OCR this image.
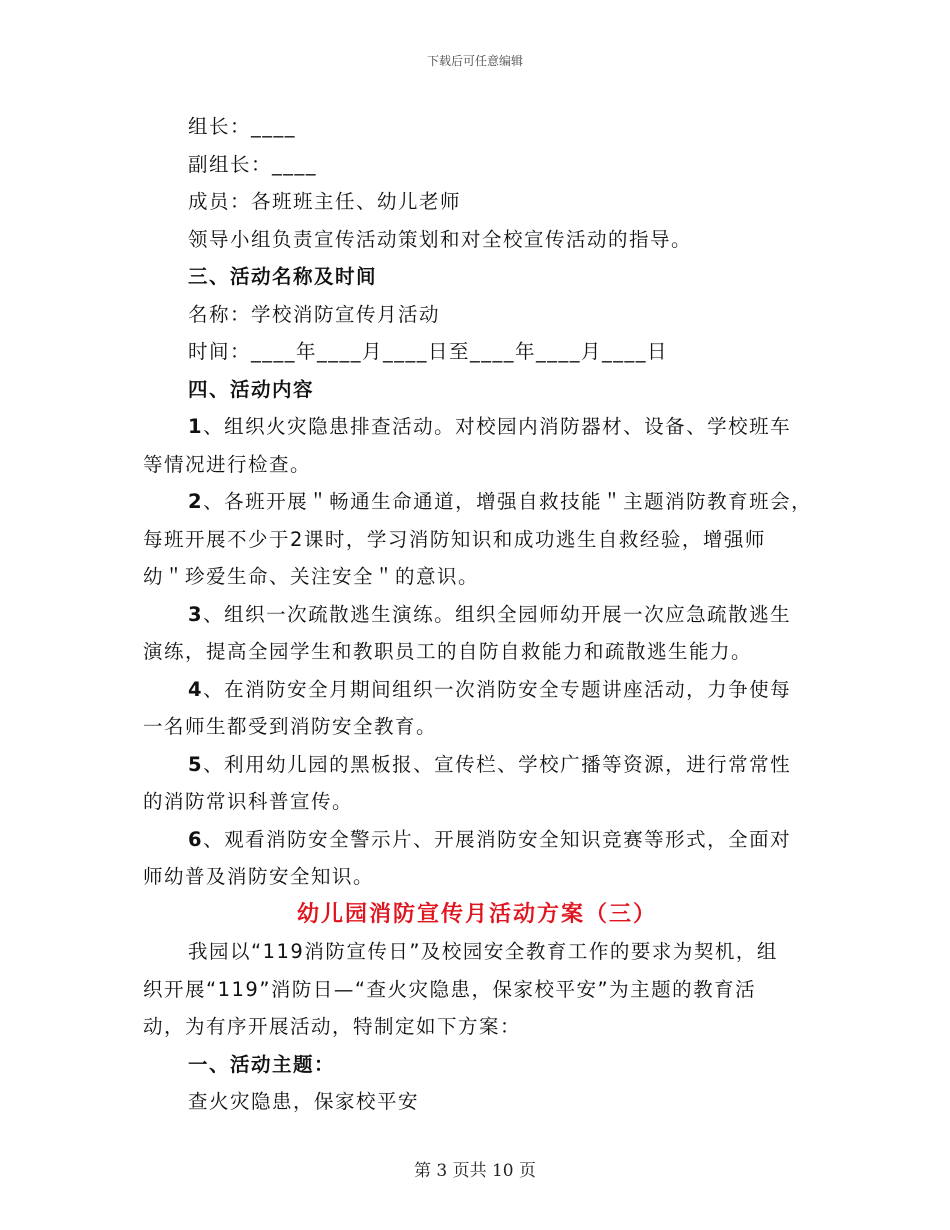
下载后可任意编辑
组长：____
副组长：____
成员：各班班主任、幼儿老师
领导小组负责宣传活动策划和对全校宣传活动的指导。
三、活动名称及时间
名称：学校消防宣传月活动
时间：____年____月____日至____年____月____日
四、活动内容
1、组织火灾隐患排查活动。对校园内消防器材、设备、学校班车
等情况进行检查。
2、各班开展＂畅通生命通道，增强自救技能＂主题消防教育班会，
每班开展不少于2课时，学习消防知识和成功逃生自救经验，增强师
幼＂珍爱生命、关注安全＂的意识。
3、组织一次疏散逃生演练。组织全园师幼开展一次应急疏散逃生
演练，提高全园学生和教职员工的自防自救能力和疏散逃生能力。
4、在消防安全月期间组织一次消防安全专题讲座活动，力争使每
一名师生都受到消防安全教育。
5、利用幼儿园的黑板报、宣传栏、学校广播等资源，进行常常性
的消防常识科普宣传。
6、观看消防安全警示片、开展消防安全知识竞赛等形式，全面对
师幼普及消防安全知识。
幼儿园消防宣传月活动方案（三）
我园以“119消防宣传日”及校园安全教育工作的要求为契机，组
织开展“119”消防日—“查火灾隐患，保家校平安”为主题的教育活
动，为有序开展活动，特制定如下方案：
一、活动主题：
查火灾隐患，保家校平安
第 3 页共 10 页
